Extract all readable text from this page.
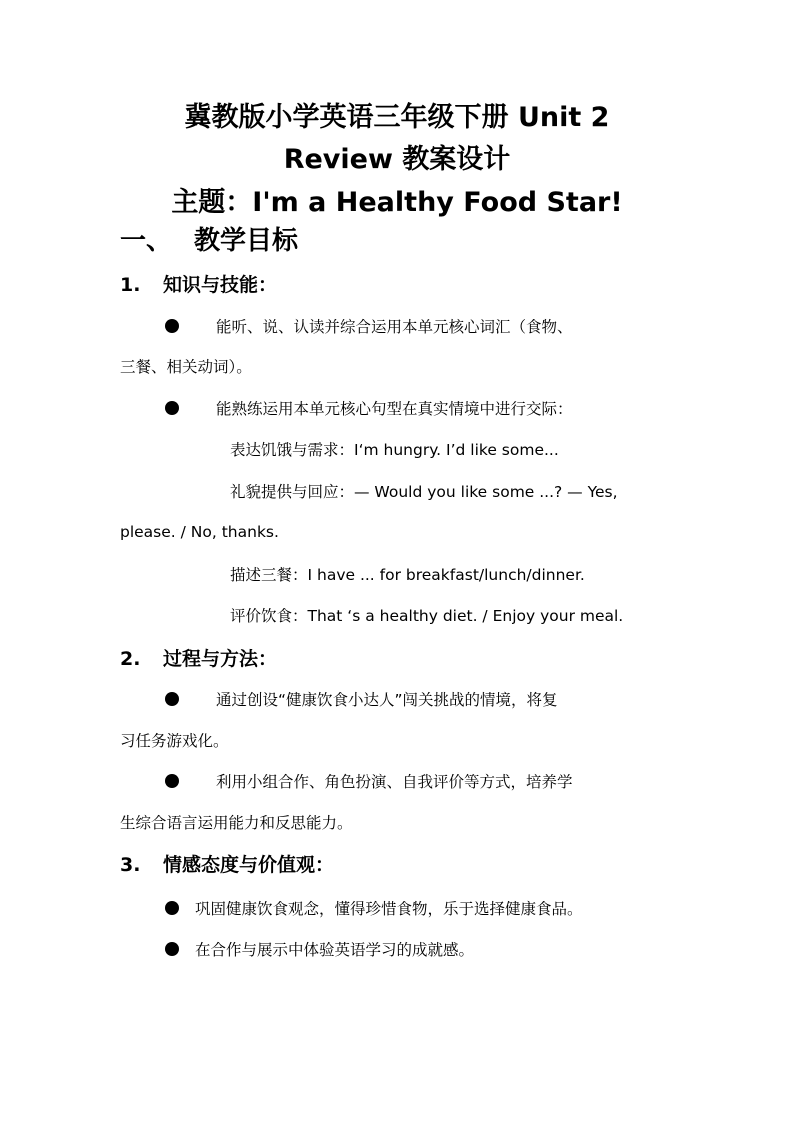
冀教版小学英语三年级下册 Unit 2
Review 教案设计
主题：I'm a Healthy Food Star!
一、 教学目标
1. 知识与技能：
能听、说、认读并综合运用本单元核心词汇（食物、
三餐、相关动词）。
能熟练运用本单元核心句型在真实情境中进行交际：
表达饥饿与需求：I‘m hungry. I’d like some...
礼貌提供与回应：— Would you like some ...? — Yes,
please. / No, thanks.
描述三餐：I have ... for breakfast/lunch/dinner.
评价饮食：That ‘s a healthy diet. / Enjoy your meal.
2. 过程与方法：
通过创设“健康饮食小达人”闯关挑战的情境，将复
习任务游戏化。
利用小组合作、角色扮演、自我评价等方式，培养学
生综合语言运用能力和反思能力。
3. 情感态度与价值观：
巩固健康饮食观念，懂得珍惜食物，乐于选择健康食品。
在合作与展示中体验英语学习的成就感。
